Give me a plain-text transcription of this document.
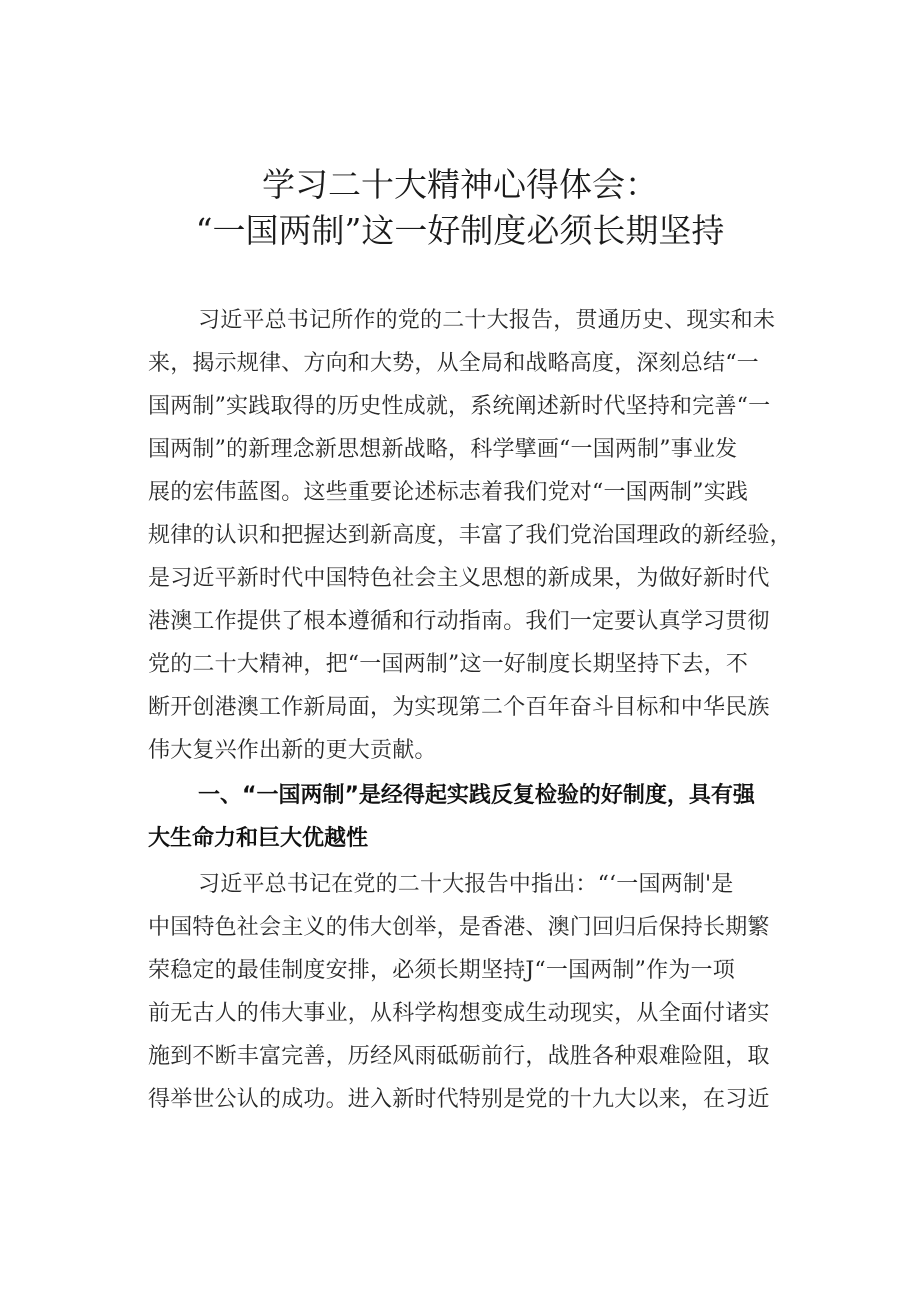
学习二十大精神心得体会：
“一国两制”这一好制度必须长期坚持
习近平总书记所作的党的二十大报告，贯通历史、现实和未
来，揭示规律、方向和大势，从全局和战略高度，深刻总结“一
国两制”实践取得的历史性成就，系统阐述新时代坚持和完善“一
国两制”的新理念新思想新战略，科学擘画“一国两制”事业发
展的宏伟蓝图。这些重要论述标志着我们党对“一国两制”实践
规律的认识和把握达到新高度，丰富了我们党治国理政的新经验，
是习近平新时代中国特色社会主义思想的新成果，为做好新时代
港澳工作提供了根本遵循和行动指南。我们一定要认真学习贯彻
党的二十大精神，把“一国两制”这一好制度长期坚持下去，不
断开创港澳工作新局面，为实现第二个百年奋斗目标和中华民族
伟大复兴作出新的更大贡献。
一、“一国两制”是经得起实践反复检验的好制度，具有强
大生命力和巨大优越性
习近平总书记在党的二十大报告中指出：“‘一国两制'是
中国特色社会主义的伟大创举，是香港、澳门回归后保持长期繁
荣稳定的最佳制度安排，必须长期坚持J“一国两制”作为一项
前无古人的伟大事业，从科学构想变成生动现实，从全面付诸实
施到不断丰富完善，历经风雨砥砺前行，战胜各种艰难险阻，取
得举世公认的成功。进入新时代特别是党的十九大以来，在习近
